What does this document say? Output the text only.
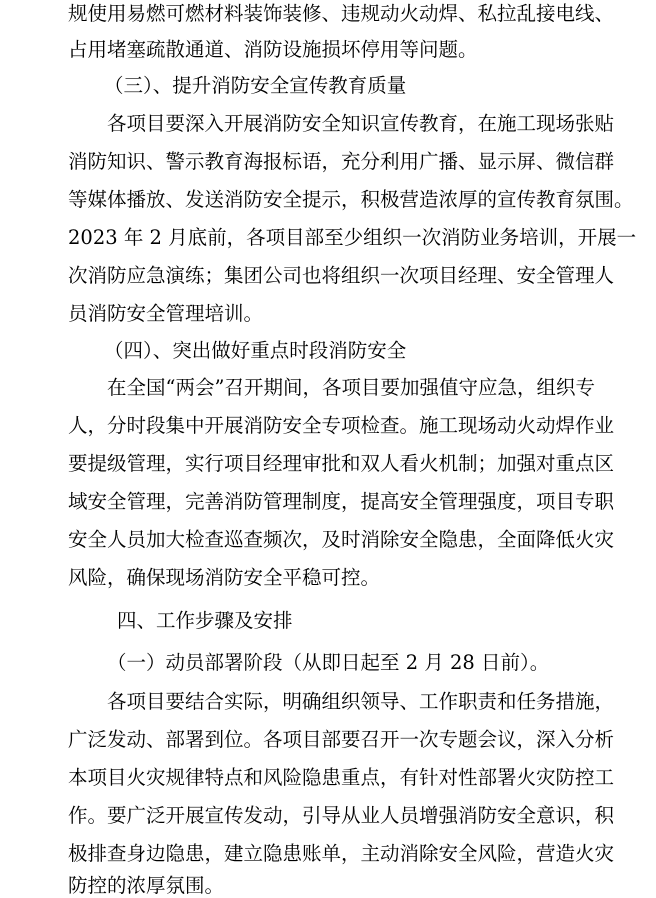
规使用易燃可燃材料装饰装修、违规动火动焊、私拉乱接电线、
占用堵塞疏散通道、消防设施损坏停用等问题。
（三）、提升消防安全宣传教育质量
各项目要深入开展消防安全知识宣传教育，在施工现场张贴
消防知识、警示教育海报标语，充分利用广播、显示屏、微信群
等媒体播放、发送消防安全提示，积极营造浓厚的宣传教育氛围。
2023 年 2 月底前，各项目部至少组织一次消防业务培训，开展一
次消防应急演练；集团公司也将组织一次项目经理、安全管理人
员消防安全管理培训。
（四）、突出做好重点时段消防安全
在全国“两会”召开期间，各项目要加强值守应急，组织专
人，分时段集中开展消防安全专项检查。施工现场动火动焊作业
要提级管理，实行项目经理审批和双人看火机制；加强对重点区
域安全管理，完善消防管理制度，提高安全管理强度，项目专职
安全人员加大检查巡查频次，及时消除安全隐患，全面降低火灾
风险，确保现场消防安全平稳可控。
四、工作步骤及安排
（一）动员部署阶段（从即日起至 2 月 28 日前）。
各项目要结合实际，明确组织领导、工作职责和任务措施，
广泛发动、部署到位。各项目部要召开一次专题会议，深入分析
本项目火灾规律特点和风险隐患重点，有针对性部署火灾防控工
作。要广泛开展宣传发动，引导从业人员增强消防安全意识，积
极排查身边隐患，建立隐患账单，主动消除安全风险，营造火灾
防控的浓厚氛围。
